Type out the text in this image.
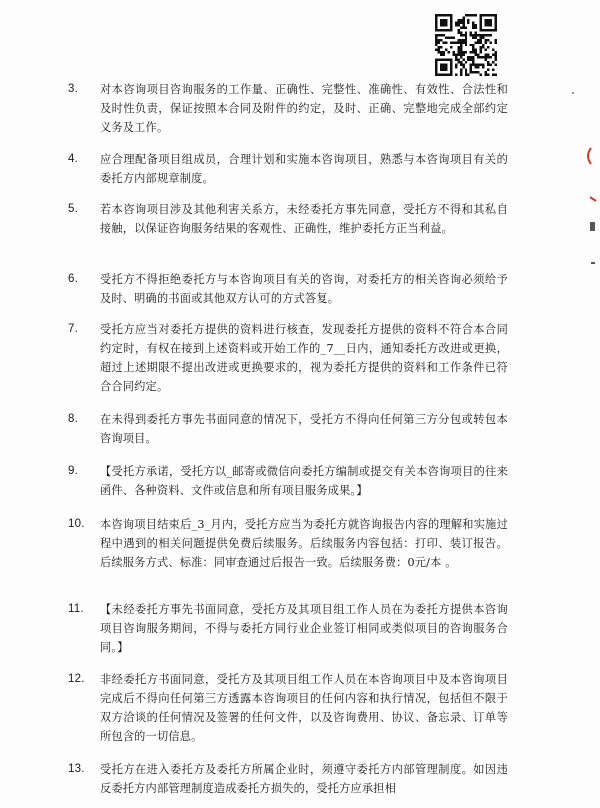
3. 对本咨询项目咨询服务的工作量、正确性、完整性、准确性、有效性、合法性和及时性负责，保证按照本合同及附件的约定，及时、正确、完整地完成全部约定义务及工作。
4. 应合理配备项目组成员，合理计划和实施本咨询项目，熟悉与本咨询项目有关的委托方内部规章制度。
5. 若本咨询项目涉及其他利害关系方，未经委托方事先同意，受托方不得和其私自接触，以保证咨询服务结果的客观性、正确性，维护委托方正当利益。
6. 受托方不得拒绝委托方与本咨询项目有关的咨询，对委托方的相关咨询必须给予及时、明确的书面或其他双方认可的方式答复。
7. 受托方应当对委托方提供的资料进行核查，发现委托方提供的资料不符合本合同约定时，有权在接到上述资料或开始工作的_7__日内，通知委托方改进或更换，超过上述期限不提出改进或更换要求的，视为委托方提供的资料和工作条件已符合合同约定。
8. 在未得到委托方事先书面同意的情况下，受托方不得向任何第三方分包或转包本咨询项目。
9. 【受托方承诺，受托方以_邮寄或微信向委托方编制或提交有关本咨询项目的往来函件、各种资料、文件或信息和所有项目服务成果。】
10. 本咨询项目结束后_3_月内，受托方应当为委托方就咨询报告内容的理解和实施过程中遇到的相关问题提供免费后续服务。后续服务内容包括：打印、装订报告。后续服务方式、标准：同审查通过后报告一致。后续服务费：0元/本 。
11. 【未经委托方事先书面同意，受托方及其项目组工作人员在为委托方提供本咨询项目咨询服务期间，不得与委托方同行业企业签订相同或类似项目的咨询服务合同。】
12. 非经委托方书面同意，受托方及其项目组工作人员在本咨询项目中及本咨询项目完成后不得向任何第三方透露本咨询项目的任何内容和执行情况，包括但不限于双方洽谈的任何情况及签署的任何文件，以及咨询费用、协议、备忘录、订单等所包含的一切信息。
13. 受托方在进入委托方及委托方所属企业时，须遵守委托方内部管理制度。如因违反委托方内部管理制度造成委托方损失的，受托方应承担相
